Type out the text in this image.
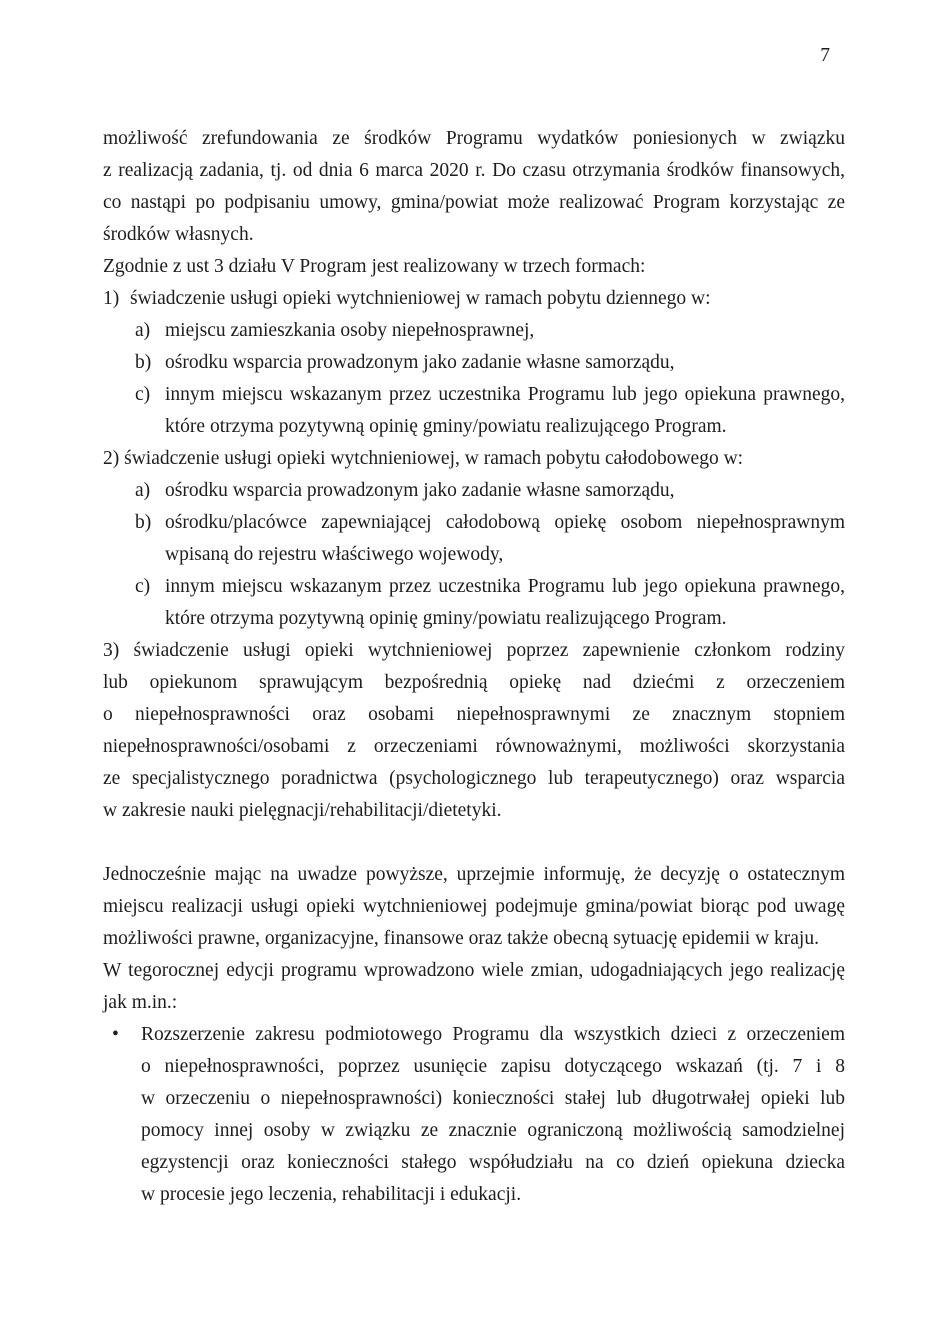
7
możliwość zrefundowania ze środków Programu wydatków poniesionych w związku
z realizacją zadania, tj. od dnia 6 marca 2020 r. Do czasu otrzymania środków finansowych,
co nastąpi po podpisaniu umowy, gmina/powiat może realizować Program korzystając ze
środków własnych.
Zgodnie z ust 3 działu V Program jest realizowany w trzech formach:
1) świadczenie usługi opieki wytchnieniowej w ramach pobytu dziennego w:
a) miejscu zamieszkania osoby niepełnosprawnej,
b) ośrodku wsparcia prowadzonym jako zadanie własne samorządu,
c) innym miejscu wskazanym przez uczestnika Programu lub jego opiekuna prawnego,
które otrzyma pozytywną opinię gminy/powiatu realizującego Program.
2) świadczenie usługi opieki wytchnieniowej, w ramach pobytu całodobowego w:
a) ośrodku wsparcia prowadzonym jako zadanie własne samorządu,
b) ośrodku/placówce zapewniającej całodobową opiekę osobom niepełnosprawnym
wpisaną do rejestru właściwego wojewody,
c) innym miejscu wskazanym przez uczestnika Programu lub jego opiekuna prawnego,
które otrzyma pozytywną opinię gminy/powiatu realizującego Program.
3) świadczenie usługi opieki wytchnieniowej poprzez zapewnienie członkom rodziny
lub opiekunom sprawującym bezpośrednią opiekę nad dziećmi z orzeczeniem
o niepełnosprawności oraz osobami niepełnosprawnymi ze znacznym stopniem
niepełnosprawności/osobami z orzeczeniami równoważnymi, możliwości skorzystania
ze specjalistycznego poradnictwa (psychologicznego lub terapeutycznego) oraz wsparcia
w zakresie nauki pielęgnacji/rehabilitacji/dietetyki.
Jednocześnie mając na uwadze powyższe, uprzejmie informuję, że decyzję o ostatecznym
miejscu realizacji usługi opieki wytchnieniowej podejmuje gmina/powiat biorąc pod uwagę
możliwości prawne, organizacyjne, finansowe oraz także obecną sytuację epidemii w kraju.
W tegorocznej edycji programu wprowadzono wiele zmian, udogadniających jego realizację
jak m.in.:
• Rozszerzenie zakresu podmiotowego Programu dla wszystkich dzieci z orzeczeniem
o niepełnosprawności, poprzez usunięcie zapisu dotyczącego wskazań (tj. 7 i 8
w orzeczeniu o niepełnosprawności) konieczności stałej lub długotrwałej opieki lub
pomocy innej osoby w związku ze znacznie ograniczoną możliwością samodzielnej
egzystencji oraz konieczności stałego współudziału na co dzień opiekuna dziecka
w procesie jego leczenia, rehabilitacji i edukacji.
